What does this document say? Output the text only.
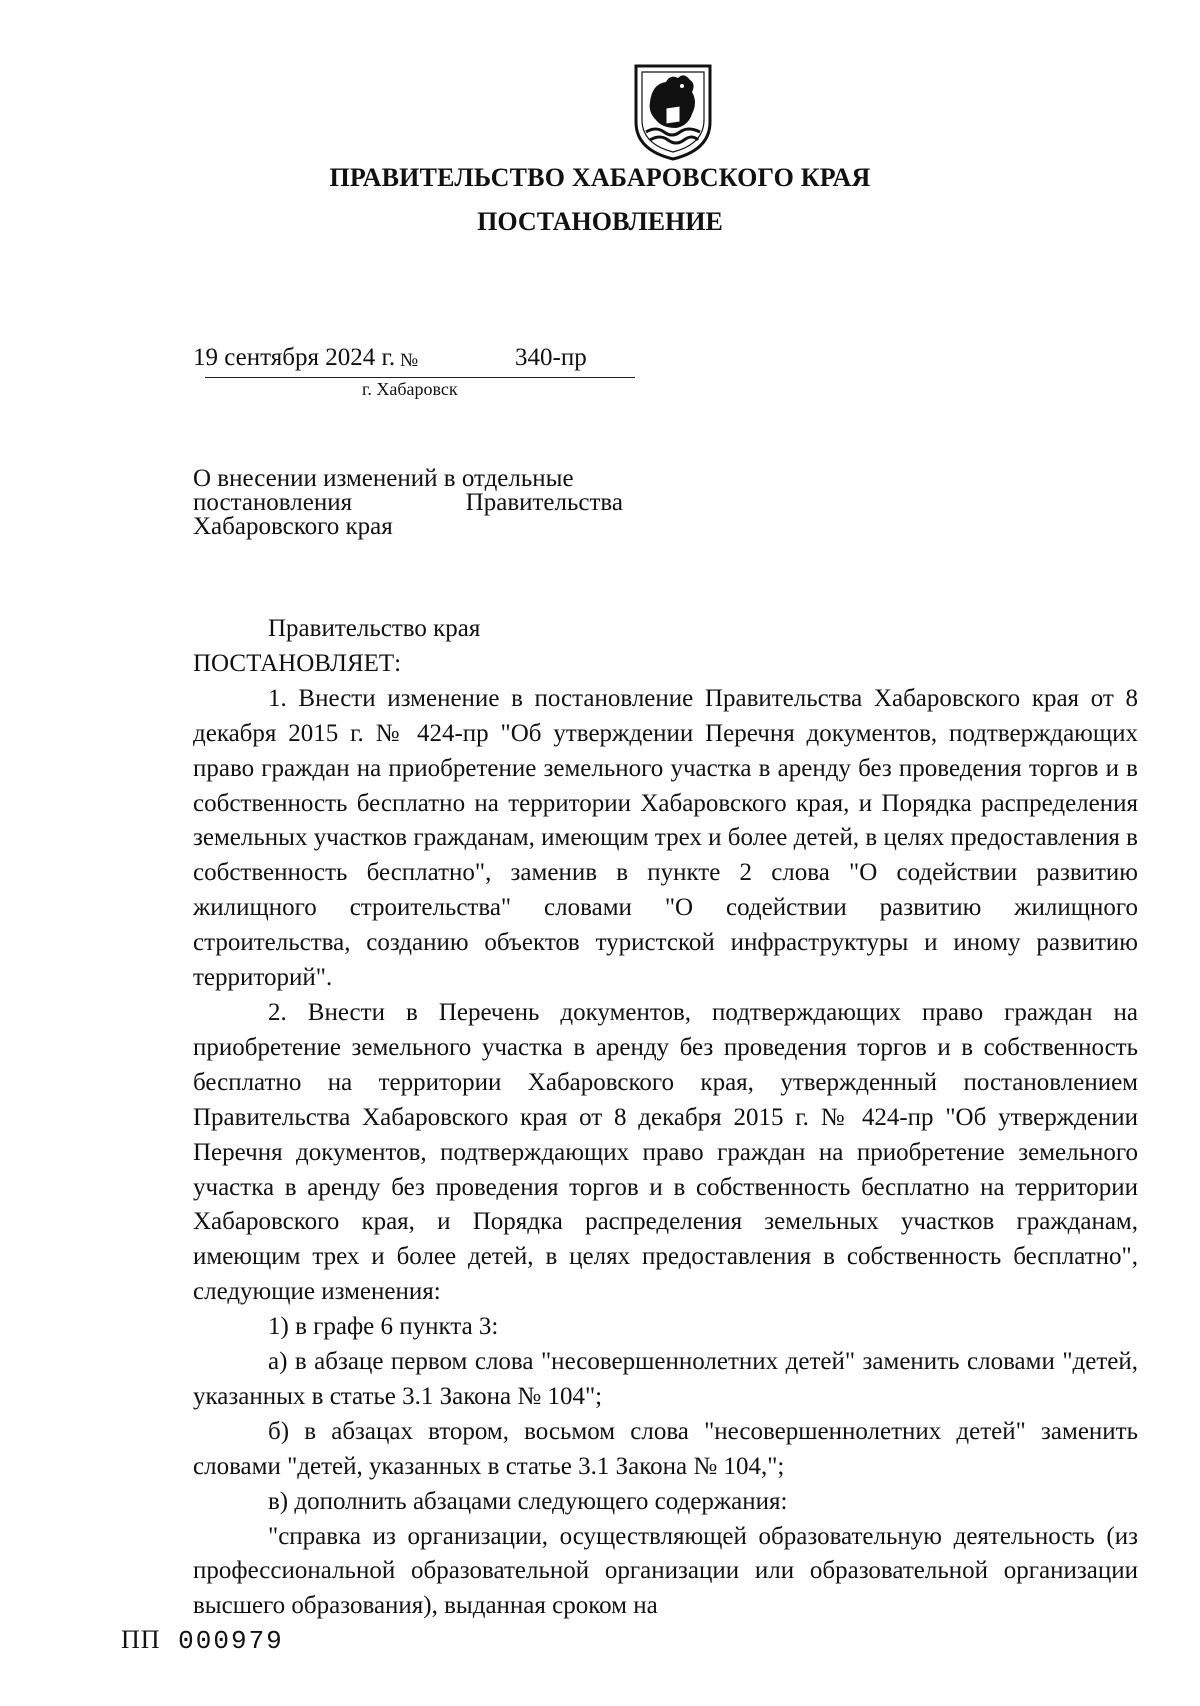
ПРАВИТЕЛЬСТВО ХАБАРОВСКОГО КРАЯ
ПОСТАНОВЛЕНИЕ
19 сентября 2024 г. №	340-пр
г. Хабаровск
О внесении изменений в отдельные
постановления	Правительства
Хабаровского края

Правительство края

ПОСТАНОВЛЯЕТ:

1. Внести изменение в постановление Правительства Хабаровского края от 8 декабря 2015 г. № 424-пр "Об утверждении Перечня документов, подтверждающих право граждан на приобретение земельного участка в аренду без проведения торгов и в собственность бесплатно на территории Хабаровского края, и Порядка распределения земельных участков гражданам, имеющим трех и более детей, в целях предоставления в собственность бесплатно", заменив в пункте 2 слова "О содействии развитию жилищного строительства" словами "О содействии развитию жилищного строительства, созданию объектов туристской инфраструктуры и иному развитию территорий".

2. Внести в Перечень документов, подтверждающих право граждан на приобретение земельного участка в аренду без проведения торгов и в собственность бесплатно на территории Хабаровского края, утвержденный постановлением Правительства Хабаровского края от 8 декабря 2015 г. № 424-пр "Об утверждении Перечня документов, подтверждающих право граждан на приобретение земельного участка в аренду без проведения торгов и в собственность бесплатно на территории Хабаровского края, и Порядка распределения земельных участков гражданам, имеющим трех и более детей, в целях предоставления в собственность бесплатно", следующие изменения:

1) в графе 6 пункта 3:

а) в абзаце первом слова "несовершеннолетних детей" заменить словами "детей, указанных в статье 3.1 Закона № 104";

б) в абзацах втором, восьмом слова "несовершеннолетних детей" заменить словами "детей, указанных в статье 3.1 Закона № 104,";

в) дополнить абзацами следующего содержания:

"справка из организации, осуществляющей образовательную деятельность (из профессиональной образовательной организации или образовательной организации высшего образования), выданная сроком на

ПП 000979
